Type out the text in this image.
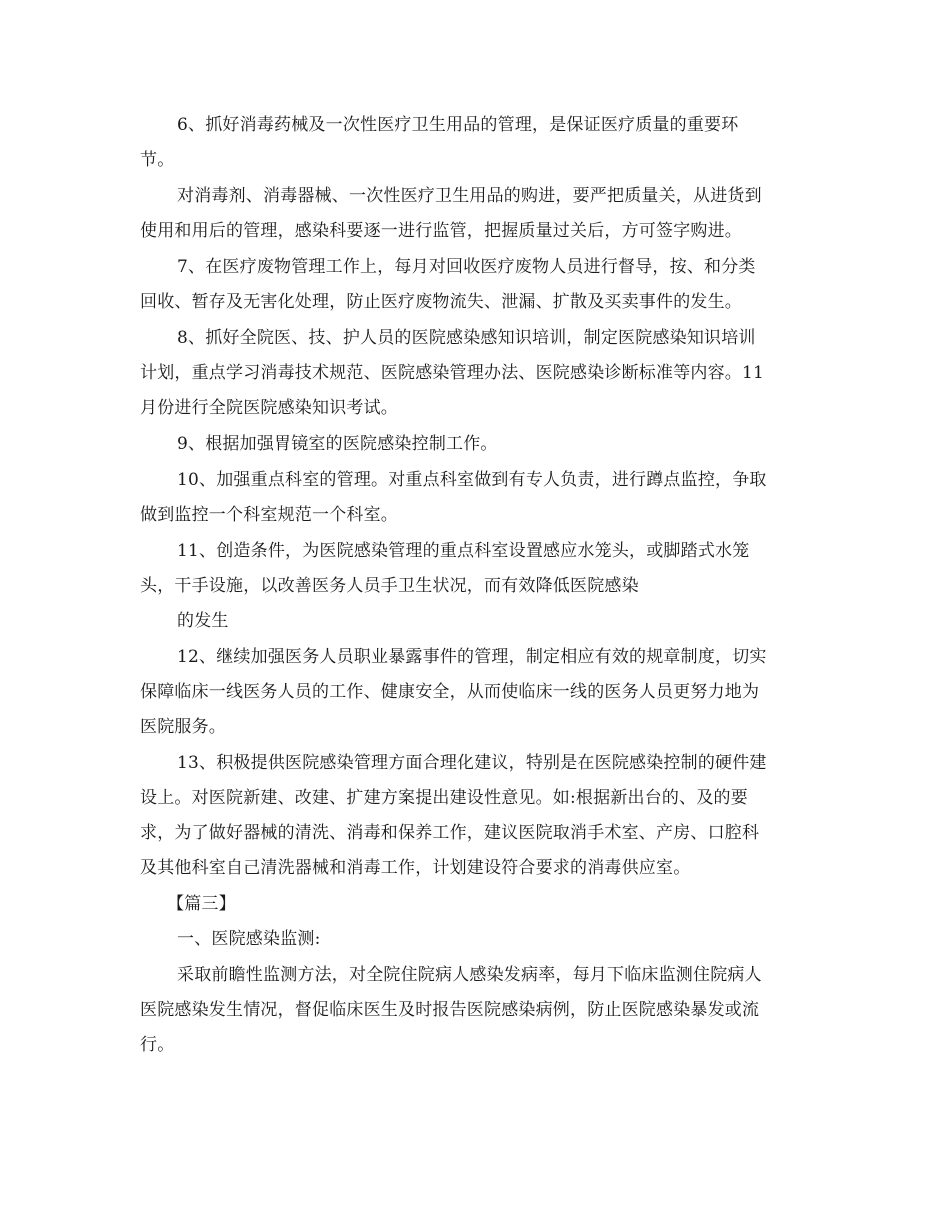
6、抓好消毒药械及一次性医疗卫生用品的管理，是保证医疗质量的重要环
节。

对消毒剂、消毒器械、一次性医疗卫生用品的购进，要严把质量关，从进货到
使用和用后的管理，感染科要逐一进行监管，把握质量过关后，方可签字购进。

7、在医疗废物管理工作上，每月对回收医疗废物人员进行督导，按、和分类
回收、暂存及无害化处理，防止医疗废物流失、泄漏、扩散及买卖事件的发生。

8、抓好全院医、技、护人员的医院感染感知识培训，制定医院感染知识培训
计划，重点学习消毒技术规范、医院感染管理办法、医院感染诊断标准等内容。11
月份进行全院医院感染知识考试。

9、根据加强胃镜室的医院感染控制工作。

10、加强重点科室的管理。对重点科室做到有专人负责，进行蹲点监控，争取
做到监控一个科室规范一个科室。

11、创造条件，为医院感染管理的重点科室设置感应水笼头，或脚踏式水笼
头，干手设施，以改善医务人员手卫生状况，而有效降低医院感染

的发生

12、继续加强医务人员职业暴露事件的管理，制定相应有效的规章制度，切实
保障临床一线医务人员的工作、健康安全，从而使临床一线的医务人员更努力地为
医院服务。

13、积极提供医院感染管理方面合理化建议，特别是在医院感染控制的硬件建
设上。对医院新建、改建、扩建方案提出建设性意见。如:根据新出台的、及的要
求，为了做好器械的清洗、消毒和保养工作，建议医院取消手术室、产房、口腔科
及其他科室自己清洗器械和消毒工作，计划建设符合要求的消毒供应室。

【篇三】

一、医院感染监测:

采取前瞻性监测方法，对全院住院病人感染发病率，每月下临床监测住院病人
医院感染发生情况，督促临床医生及时报告医院感染病例，防止医院感染暴发或流
行。
